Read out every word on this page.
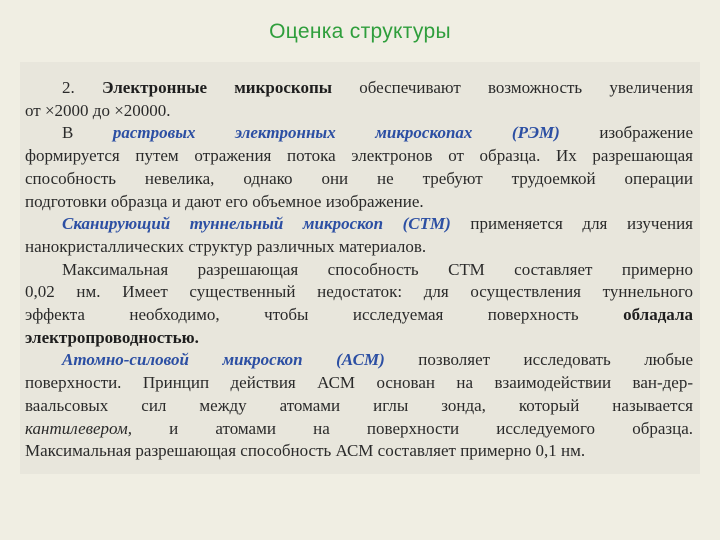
Оценка структуры

2. Электронные микроскопы обеспечивают возможность увеличения
от ×2000 до ×20000.

В растровых электронных микроскопах (РЭМ) изображение
формируется путем отражения потока электронов от образца. Их разрешающая
способность невелика, однако они не требуют трудоемкой операции
подготовки образца и дают его объемное изображение.

Сканирующий туннельный микроскоп (СТМ) применяется для изучения
нанокристаллических структур различных материалов.

Максимальная разрешающая способность СТМ составляет примерно
0,02 нм. Имеет существенный недостаток: для осуществления туннельного
эффекта необходимо, чтобы исследуемая поверхность	обладала
электропроводностью.

Атомно-силовой микроскоп (АСМ) позволяет исследовать любые
поверхности. Принцип действия АСМ основан на взаимодействии ван-дер-
ваальсовых сил между атомами иглы зонда, который называется
кантилевером, и атомами на поверхности исследуемого образца.
Максимальная разрешающая способность АСМ составляет примерно 0,1 нм.
